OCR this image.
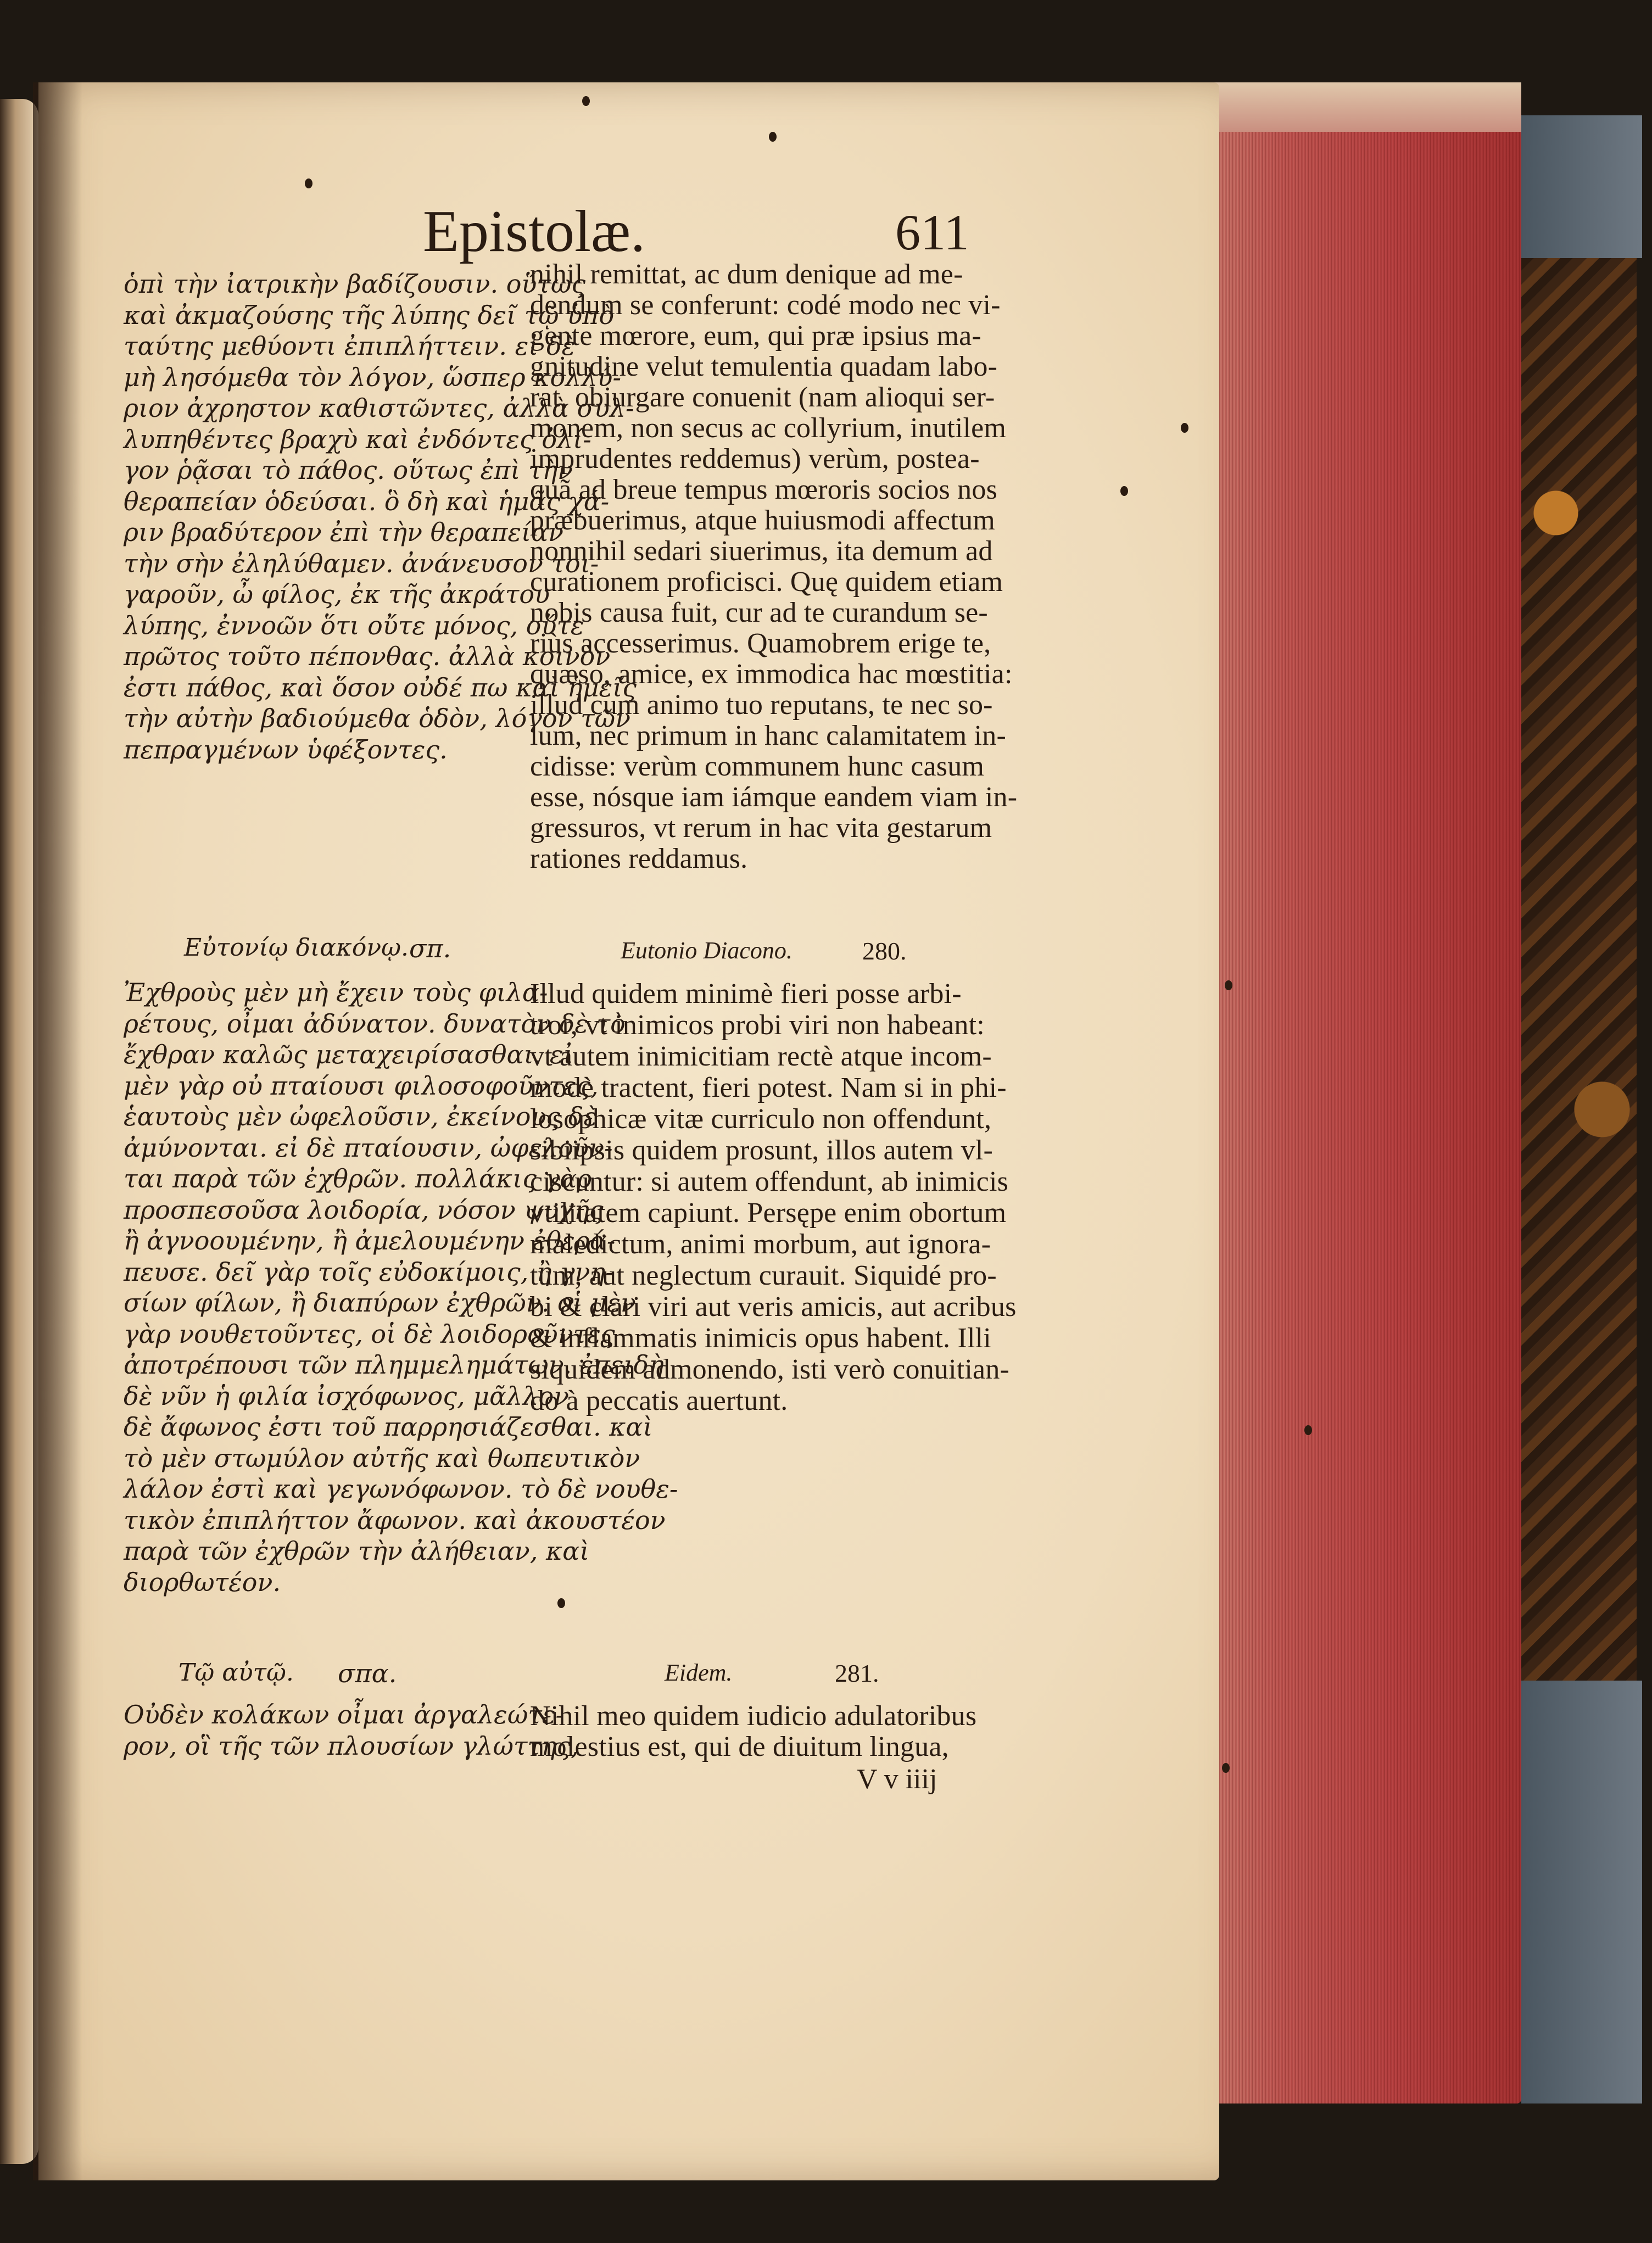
Epistolæ.	611
ὁπὶ τὴν ἰατρικὴν βαδίζουσιν. οὕτως
καὶ ἀκμαζούσης τῆς λύπης δεῖ τῷ ὑπὸ
ταύτης μεθύοντι ἐπιπλήττειν. εἰ δὲ
μὴ λησόμεθα τὸν λόγον, ὥσπερ κολλύ-
ριον ἀχρηστον καθιστῶντες, ἀλλὰ συλ-
λυπηθέντες βραχὺ καὶ ἐνδόντες ὀλί-
γον ῥᾷσαι τὸ πάθος. οὕτως ἐπὶ τὴν
θεραπείαν ὁδεύσαι. ὃ δὴ καὶ ἡμᾶς χά-
ριν βραδύτερον ἐπὶ τὴν θεραπείαν
τὴν σὴν ἐληλύθαμεν. ἀνάνευσον τοι-
γαροῦν, ὦ φίλος, ἐκ τῆς ἀκράτου
λύπης, ἐννοῶν ὅτι οὔτε μόνος, οὔτε
πρῶτος τοῦτο πέπονθας. ἀλλὰ κοινὸν
ἐστι πάθος, καὶ ὅσον οὐδέ πω καὶ ἡμεῖς
τὴν αὐτὴν βαδιούμεθα ὁδὸν, λόγον τῶν
πεπραγμένων ὑφέξοντες.
Εὐτονίῳ διακόνῳ. σπ.
Ἐχθροὺς μὲν μὴ ἔχειν τοὺς φιλα-
ρέτους, οἶμαι ἀδύνατον. δυνατὸν δὲ τὸ
ἔχθραν καλῶς μεταχειρίσασθαι. εἰ
μὲν γὰρ οὐ πταίουσι φιλοσοφοῦντες,
ἑαυτοὺς μὲν ὠφελοῦσιν, ἐκείνους δὲ
ἀμύνονται. εἰ δὲ πταίουσιν, ὠφελοῦν-
ται παρὰ τῶν ἐχθρῶν. πολλάκις γὰρ
προσπεσοῦσα λοιδορία, νόσον ψυχῆς
ἢ ἀγνοουμένην, ἢ ἀμελουμένην ἐθερά-
πευσε. δεῖ γὰρ τοῖς εὐδοκίμοις, ἢ γνη-
σίων φίλων, ἢ διαπύρων ἐχθρῶν. οἱ μὲν
γὰρ νουθετοῦντες, οἱ δὲ λοιδοροῦντες
ἀποτρέπουσι τῶν πλημμελημάτων. ἐπειδὴ
δὲ νῦν ἡ φιλία ἰσχόφωνος, μᾶλλον
δὲ ἄφωνος ἐστι τοῦ παρρησιάζεσθαι. καὶ
τὸ μὲν στωμύλον αὐτῆς καὶ θωπευτικὸν
λάλον ἐστὶ καὶ γεγωνόφωνον. τὸ δὲ νουθε-
τικὸν ἐπιπλήττον ἄφωνον. καὶ ἀκουστέον
παρὰ τῶν ἐχθρῶν τὴν ἀλήθειαν, καὶ
διορθωτέον.
Τῷ αὐτῷ. σπα.
Οὐδὲν κολάκων οἶμαι ἀργαλεώτε-
ρον, οἳ τῆς τῶν πλουσίων γλώττης,
nihil remittat, ac dum denique ad me-
dendum se conferunt: codé modo nec vi-
gente mœrore, eum, qui præ ipsius ma-
gnitudine velut temulentia quadam labo-
rat, obiurgare conuenit (nam alioqui ser-
monem, non secus ac collyrium, inutilem
imprudentes reddemus) verùm, postea-
quã ad breue tempus mœroris socios nos
præbuerimus, atque huiusmodi affectum
nonnihil sedari siuerimus, ita demum ad
curationem proficisci. Quę quidem etiam
nobis causa fuit, cur ad te curandum se-
riùs accesserimus. Quamobrem erige te,
quæso, amice, ex immodica hac mœstitia:
illud cum animo tuo reputans, te nec so-
lum, nec primum in hanc calamitatem in-
cidisse: verùm communem hunc casum
esse, nósque iam iámque eandem viam in-
gressuros, vt rerum in hac vita gestarum
rationes reddamus.
Eutonio Diacono.	280.
Illud quidem minimè fieri posse arbi-
tror, vt inimicos probi viri non habeant:
vt autem inimicitiam rectè atque incom-
modè tractent, fieri potest. Nam si in phi-
losophicæ vitæ curriculo non offendunt,
sibiipsis quidem prosunt, illos autem vl-
ciscuntur: si autem offendunt, ab inimicis
vtilitatem capiunt. Persępe enim obortum
maledictum, animi morbum, aut ignora-
tum, aut neglectum curauit. Siquidé pro-
bi & clari viri aut veris amicis, aut acribus
& inflammatis inimicis opus habent. Illi
siquidem admonendo, isti verò conuitian-
do à peccatis auertunt.
Eidem.	281.
Nihil meo quidem iudicio adulatoribus
molestius est, qui de diuitum lingua,
V v iiij
